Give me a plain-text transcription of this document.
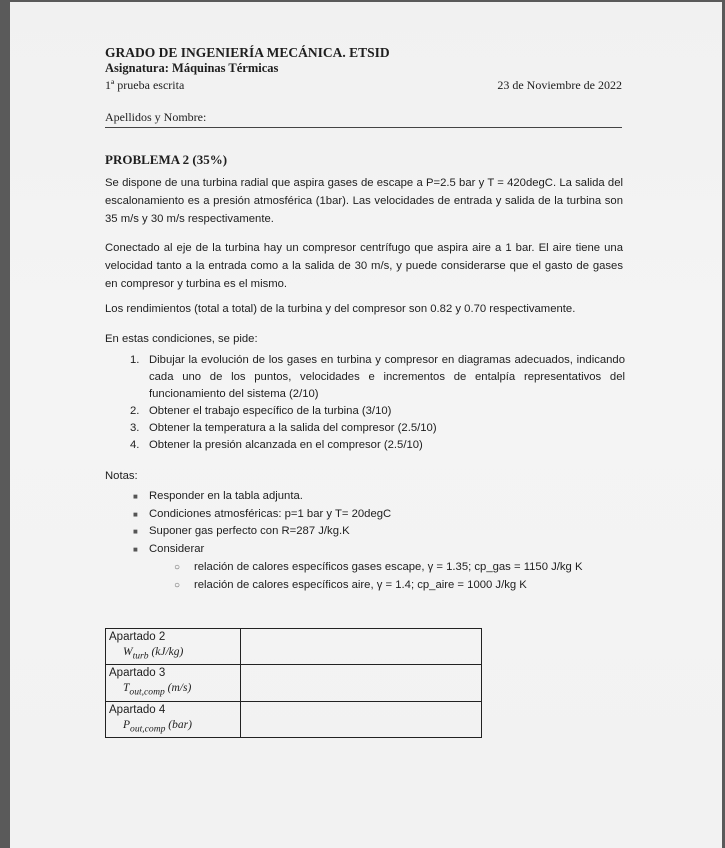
GRADO DE INGENIERÍA MECÁNICA. ETSID
Asignatura: Máquinas Térmicas
1ª prueba escrita	23 de Noviembre de 2022
Apellidos y Nombre:
PROBLEMA 2 (35%)
Se dispone de una turbina radial que aspira gases de escape a P=2.5 bar y T = 420degC. La salida del escalonamiento es a presión atmosférica (1bar). Las velocidades de entrada y salida de la turbina son 35 m/s y 30 m/s respectivamente.
Conectado al eje de la turbina hay un compresor centrífugo que aspira aire a 1 bar. El aire tiene una velocidad tanto a la entrada como a la salida de 30 m/s, y puede considerarse que el gasto de gases en compresor y turbina es el mismo.
Los rendimientos (total a total) de la turbina y del compresor son 0.82 y 0.70 respectivamente.
En estas condiciones, se pide:
1. Dibujar la evolución de los gases en turbina y compresor en diagramas adecuados, indicando cada uno de los puntos, velocidades e incrementos de entalpía representativos del funcionamiento del sistema (2/10)
2. Obtener el trabajo específico de la turbina (3/10)
3. Obtener la temperatura a la salida del compresor (2.5/10)
4. Obtener la presión alcanzada en el compresor (2.5/10)
Notas:
■ Responder en la tabla adjunta.
■ Condiciones atmosféricas: p=1 bar y T= 20degC
■ Suponer gas perfecto con R=287 J/kg.K
■ Considerar
○ relación de calores específicos gases escape, γ = 1.35; cp_gas = 1150 J/kg K
○ relación de calores específicos aire, γ = 1.4; cp_aire = 1000 J/kg K
Apartado 2
$W_{turb}$ (kJ/kg)	

Apartado 3
$T_{out,comp}$ (m/s)	

Apartado 4
$P_{out,comp}$ (bar)	
